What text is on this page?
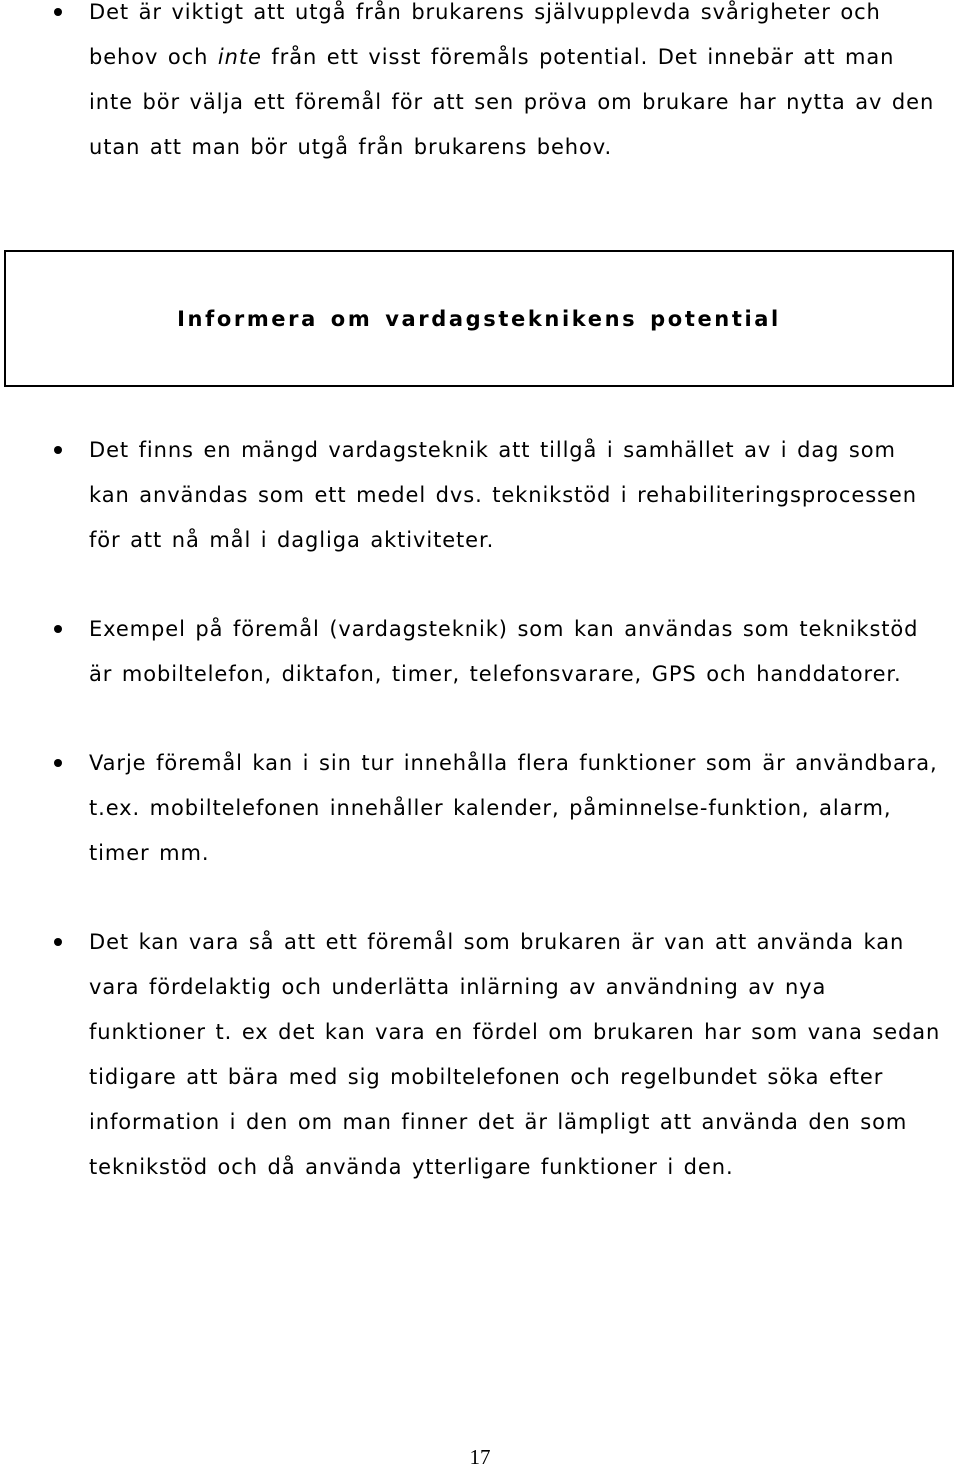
Det är viktigt att utgå från brukarens självupplevda svårigheter och behov och inte från ett visst föremåls potential. Det innebär att man inte bör välja ett föremål för att sen pröva om brukare har nytta av den utan att man bör utgå från brukarens behov.
Informera om vardagsteknikens potential
Det finns en mängd vardagsteknik att tillgå i samhället av i dag som kan användas som ett medel dvs. teknikstöd i rehabiliteringsprocessen för att nå mål i dagliga aktiviteter.
Exempel på föremål (vardagsteknik) som kan användas som teknikstöd är mobiltelefon, diktafon, timer, telefonsvarare, GPS och handdatorer.
Varje föremål kan i sin tur innehålla flera funktioner som är användbara, t.ex. mobiltelefonen innehåller kalender, påminnelse-funktion, alarm, timer mm.
Det kan vara så att ett föremål som brukaren är van att använda kan vara fördelaktig och underlätta inlärning av användning av nya funktioner t. ex det kan vara en fördel om brukaren har som vana sedan tidigare att bära med sig mobiltelefonen och regelbundet söka efter information i den om man finner det är lämpligt att använda den som teknikstöd och då använda ytterligare funktioner i den.
17
